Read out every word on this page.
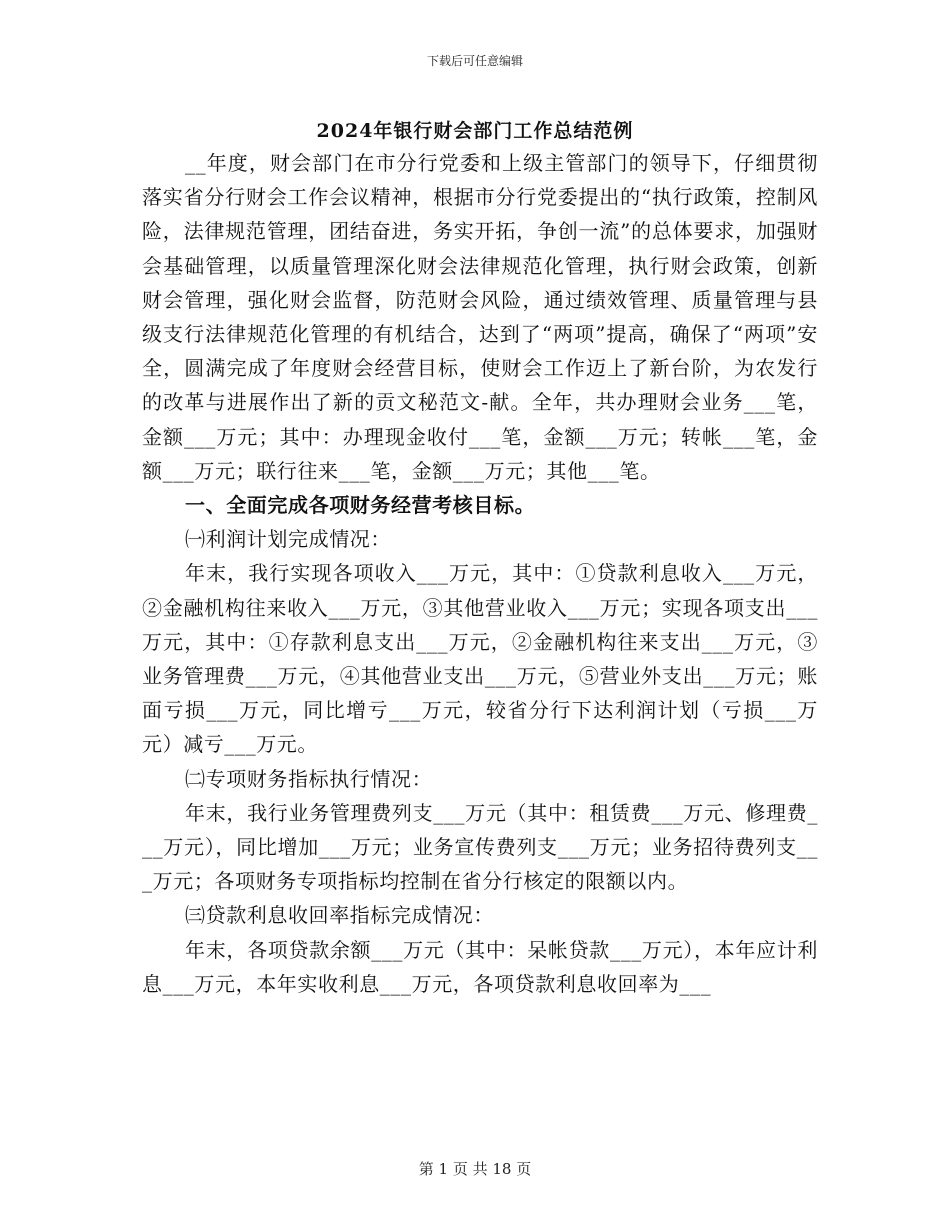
下载后可任意编辑
2024年银行财会部门工作总结范例

__年度，财会部门在市分行党委和上级主管部门的领导下，仔细贯彻落实省分行财会工作会议精神，根据市分行党委提出的“执行政策，控制风险，法律规范管理，团结奋进，务实开拓，争创一流”的总体要求，加强财会基础管理，以质量管理深化财会法律规范化管理，执行财会政策，创新财会管理，强化财会监督，防范财会风险，通过绩效管理、质量管理与县级支行法律规范化管理的有机结合，达到了“两项”提高，确保了“两项”安全，圆满完成了年度财会经营目标，使财会工作迈上了新台阶，为农发行的改革与进展作出了新的贡文秘范文-献。全年，共办理财会业务___笔，金额___万元；其中：办理现金收付___笔，金额___万元；转帐___笔，金额___万元；联行往来___笔，金额___万元；其他___笔。

一、全面完成各项财务经营考核目标。

㈠利润计划完成情况：

年末，我行实现各项收入___万元，其中：①贷款利息收入___万元，②金融机构往来收入___万元，③其他营业收入___万元；实现各项支出___万元，其中：①存款利息支出___万元，②金融机构往来支出___万元，③业务管理费___万元，④其他营业支出___万元，⑤营业外支出___万元；账面亏损___万元，同比增亏___万元，较省分行下达利润计划（亏损___万元）减亏___万元。

㈡专项财务指标执行情况：

年末，我行业务管理费列支___万元（其中：租赁费___万元、修理费___万元），同比增加___万元；业务宣传费列支___万元；业务招待费列支___万元；各项财务专项指标均控制在省分行核定的限额以内。

㈢贷款利息收回率指标完成情况：

年末，各项贷款余额___万元（其中：呆帐贷款___万元），本年应计利息___万元，本年实收利息___万元，各项贷款利息收回率为___

第 1 页 共 18 页
